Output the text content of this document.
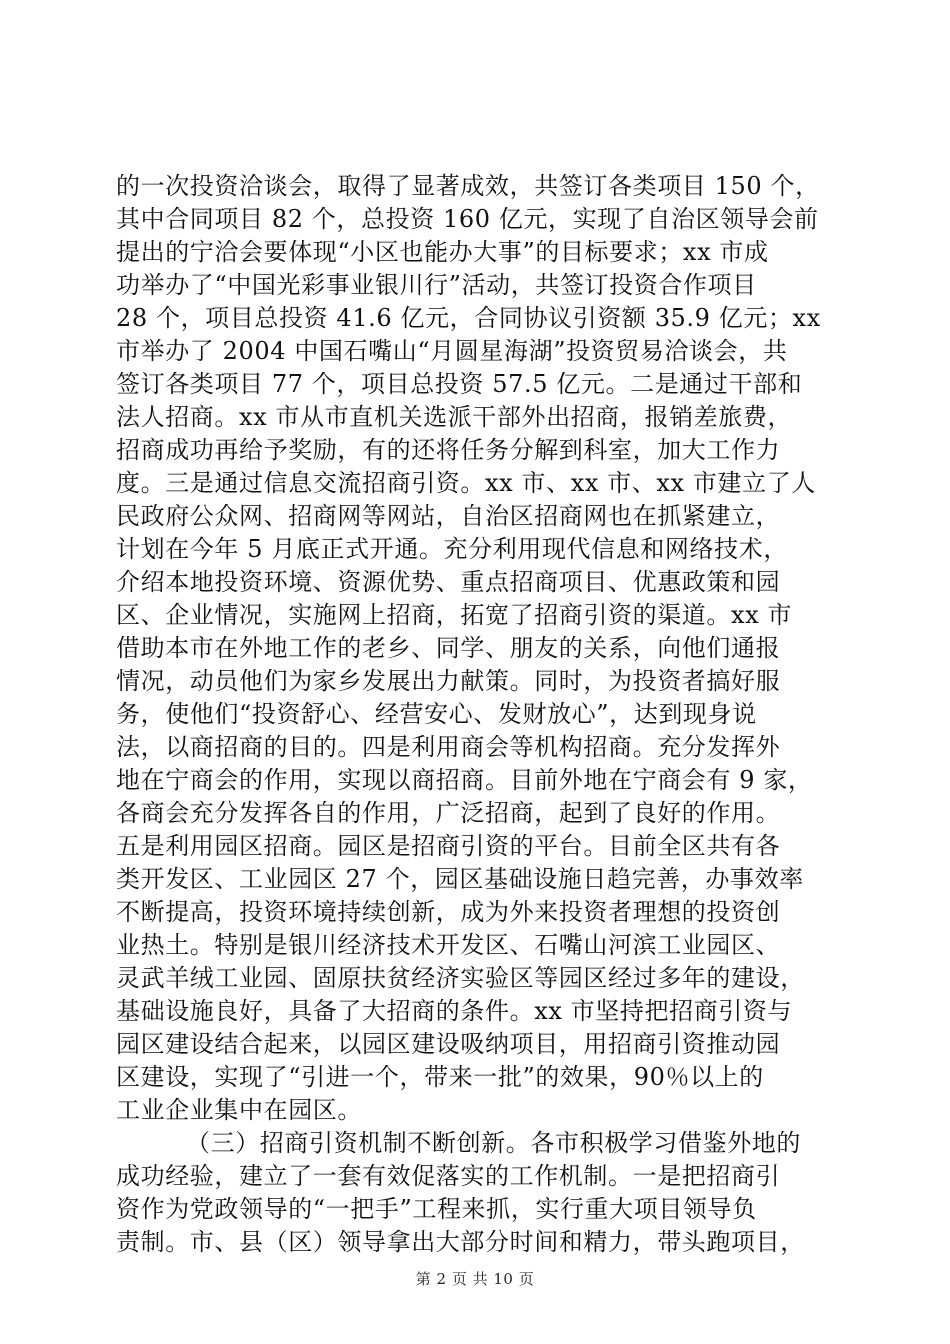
的一次投资洽谈会，取得了显著成效，共签订各类项目 150 个，
其中合同项目 82 个，总投资 160 亿元，实现了自治区领导会前
提出的宁洽会要体现“小区也能办大事”的目标要求；xx 市成
功举办了“中国光彩事业银川行”活动，共签订投资合作项目
28 个，项目总投资 41.6 亿元，合同协议引资额 35.9 亿元；xx
市举办了 2004 中国石嘴山“月圆星海湖”投资贸易洽谈会，共
签订各类项目 77 个，项目总投资 57.5 亿元。二是通过干部和
法人招商。xx 市从市直机关选派干部外出招商，报销差旅费，
招商成功再给予奖励，有的还将任务分解到科室，加大工作力
度。三是通过信息交流招商引资。xx 市、xx 市、xx 市建立了人
民政府公众网、招商网等网站，自治区招商网也在抓紧建立，
计划在今年 5 月底正式开通。充分利用现代信息和网络技术，
介绍本地投资环境、资源优势、重点招商项目、优惠政策和园
区、企业情况，实施网上招商，拓宽了招商引资的渠道。xx 市
借助本市在外地工作的老乡、同学、朋友的关系，向他们通报
情况，动员他们为家乡发展出力献策。同时，为投资者搞好服
务，使他们“投资舒心、经营安心、发财放心”，达到现身说
法，以商招商的目的。四是利用商会等机构招商。充分发挥外
地在宁商会的作用，实现以商招商。目前外地在宁商会有 9 家，
各商会充分发挥各自的作用，广泛招商，起到了良好的作用。
五是利用园区招商。园区是招商引资的平台。目前全区共有各
类开发区、工业园区 27 个，园区基础设施日趋完善，办事效率
不断提高，投资环境持续创新，成为外来投资者理想的投资创
业热土。特别是银川经济技术开发区、石嘴山河滨工业园区、
灵武羊绒工业园、固原扶贫经济实验区等园区经过多年的建设，
基础设施良好，具备了大招商的条件。xx 市坚持把招商引资与
园区建设结合起来，以园区建设吸纳项目，用招商引资推动园
区建设，实现了“引进一个，带来一批”的效果，90％以上的
工业企业集中在园区。
（三）招商引资机制不断创新。各市积极学习借鉴外地的
成功经验，建立了一套有效促落实的工作机制。一是把招商引
资作为党政领导的“一把手”工程来抓，实行重大项目领导负
责制。市、县（区）领导拿出大部分时间和精力，带头跑项目，
第 2 页 共 10 页
